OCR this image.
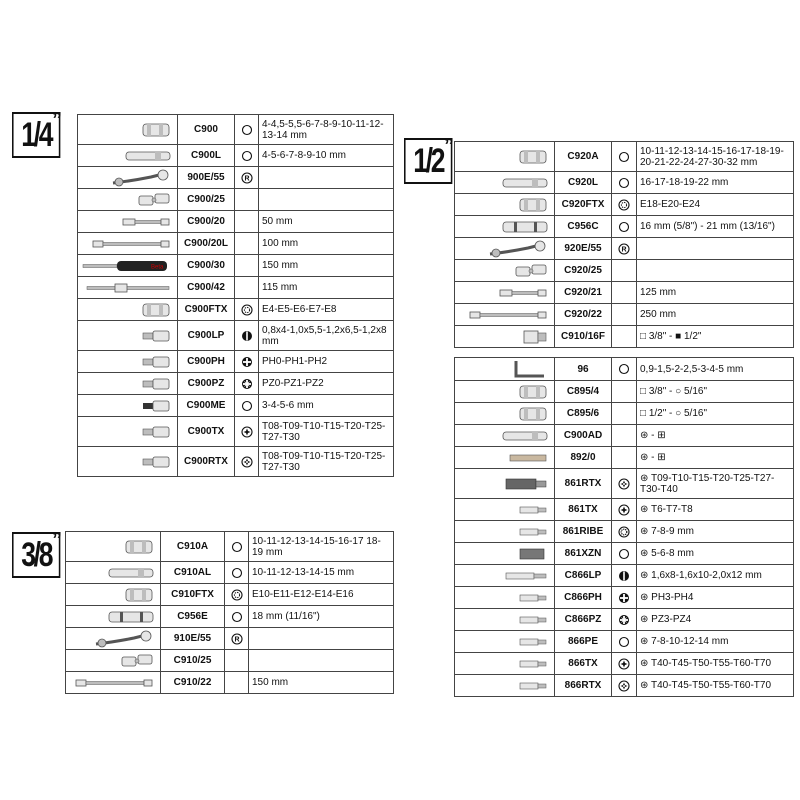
1/4 ”
3/8 ”
1/2 ”
	C900		4-4,5-5,5-6-7-8-9-10-11-12-13-14 mm
	C900L		4-5-6-7-8-9-10 mm
	900E/55	R	

	C900/25		
	C900/20		50 mm
	C900/20L		100 mm

Beta	C900/30		150 mm
	C900/42		115 mm
	C900FTX		E4-E5-E6-E7-E8
	C900LP		0,8x4-1,0x5,5-1,2x6,5-1,2x8 mm
	C900PH		PH0-PH1-PH2
	C900PZ		PZ0-PZ1-PZ2
	C900ME		3-4-5-6 mm
	C900TX		T08-T09-T10-T15-T20-T25-T27-T30
	C900RTX		T08-T09-T10-T15-T20-T25-T27-T30
	C910A		10-11-12-13-14-15-16-17 18-19 mm
	C910AL		10-11-12-13-14-15 mm
	C910FTX		E10-E11-E12-E14-E16
	C956E		18 mm (11/16")
	910E/55	R	

	C910/25		
	C910/22		150 mm
	C920A		10-11-12-13-14-15-16-17-18-19-20-21-22-24-27-30-32 mm
	C920L		16-17-18-19-22 mm
	C920FTX		E18-E20-E24
	C956C		16 mm (5/8") - 21 mm (13/16")
	920E/55	R	

	C920/25		
	C920/21		125 mm
	C920/22		250 mm
	C910/16F		□ 3/8" - ■ 1/2"
	96		0,9-1,5-2-2,5-3-4-5 mm
	C895/4		□ 3/8" - ○ 5/16"
	C895/6		□ 1/2" - ○ 5/16"
	C900AD		⊛ - ⊞
	892/0		⊛ - ⊞
	861RTX		⊛ T09-T10-T15-T20-T25-T27-T30-T40
	861TX		⊛ T6-T7-T8
	861RIBE		⊛ 7-8-9 mm
	861XZN		⊛ 5-6-8 mm
	C866LP		⊛ 1,6x8-1,6x10-2,0x12 mm
	C866PH		⊛ PH3-PH4
	C866PZ		⊛ PZ3-PZ4
	866PE		⊛ 7-8-10-12-14 mm
	866TX		⊛ T40-T45-T50-T55-T60-T70
	866RTX		⊛ T40-T45-T50-T55-T60-T70
